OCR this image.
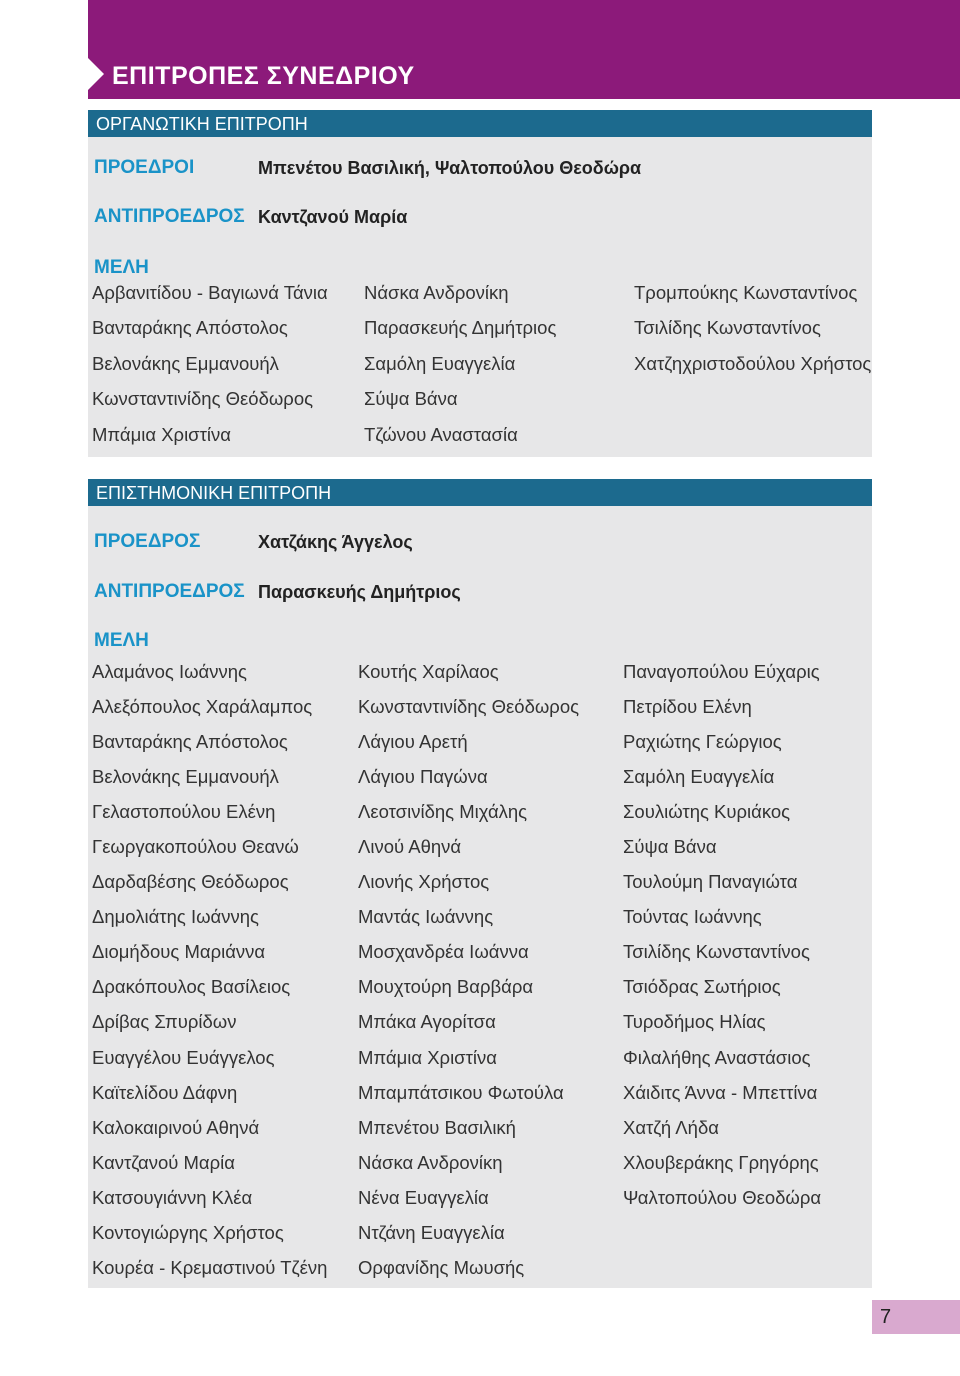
ΕΠΙΤΡΟΠΕΣ ΣΥΝΕΔΡΙΟΥ
ΟΡΓΑΝΩΤΙΚΗ ΕΠΙΤΡΟΠΗ
ΠΡΟΕΔΡΟΙ	Μπενέτου Βασιλική, Ψαλτοπούλου Θεοδώρα
ΑΝΤΙΠΡΟΕΔΡΟΣ Καντζανού Μαρία
ΜΕΛΗ
Αρβανιτίδου - Βαγιωνά Τάνια
Βανταράκης Απόστολος
Βελονάκης Εμμανουήλ
Κωνσταντινίδης Θεόδωρος
Μπάμια Χριστίνα
Νάσκα Ανδρονίκη
Παρασκευής Δημήτριος
Σαμόλη Ευαγγελία
Σύψα Βάνα
Τζώνου Αναστασία
Τρομπούκης Κωνσταντίνος
Τσιλίδης Κωνσταντίνος
Χατζηχριστοδούλου Χρήστος
ΕΠΙΣΤΗΜΟΝΙΚΗ ΕΠΙΤΡΟΠΗ
ΠΡΟΕΔΡΟΣ	Χατζάκης Άγγελος
ΑΝΤΙΠΡΟΕΔΡΟΣ Παρασκευής Δημήτριος
ΜΕΛΗ
Αλαμάνος Ιωάννης
Αλεξόπουλος Χαράλαμπος
Βανταράκης Απόστολος
Βελονάκης Εμμανουήλ
Γελαστοπούλου Ελένη
Γεωργακοπούλου Θεανώ
Δαρδαβέσης Θεόδωρος
Δημολιάτης Ιωάννης
Διομήδους Μαριάννα
Δρακόπουλος Βασίλειος
Δρίβας Σπυρίδων
Ευαγγέλου Ευάγγελος
Καϊτελίδου Δάφνη
Καλοκαιρινού Αθηνά
Καντζανού Μαρία
Κατσουγιάννη Κλέα
Κοντογιώργης Χρήστος
Κουρέα - Κρεμαστινού Τζένη
Κουτής Χαρίλαος
Κωνσταντινίδης Θεόδωρος
Λάγιου Αρετή
Λάγιου Παγώνα
Λεοτσινίδης Μιχάλης
Λινού Αθηνά
Λιονής Χρήστος
Μαντάς Ιωάννης
Μοσχανδρέα Ιωάννα
Μουχτούρη Βαρβάρα
Μπάκα Αγορίτσα
Μπάμια Χριστίνα
Μπαμπάτσικου Φωτούλα
Μπενέτου Βασιλική
Νάσκα Ανδρονίκη
Νένα Ευαγγελία
Ντζάνη Ευαγγελία
Ορφανίδης Μωυσής
Παναγοπούλου Εύχαρις
Πετρίδου Ελένη
Ραχιώτης Γεώργιος
Σαμόλη Ευαγγελία
Σουλιώτης Κυριάκος
Σύψα Βάνα
Τουλούμη Παναγιώτα
Τούντας Ιωάννης
Τσιλίδης Κωνσταντίνος
Τσιόδρας Σωτήριος
Τυροδήμος Ηλίας
Φιλαλήθης Αναστάσιος
Χάιδιτς Άννα - Μπεττίνα
Χατζή Λήδα
Χλουβεράκης Γρηγόρης
Ψαλτοπούλου Θεοδώρα
7
